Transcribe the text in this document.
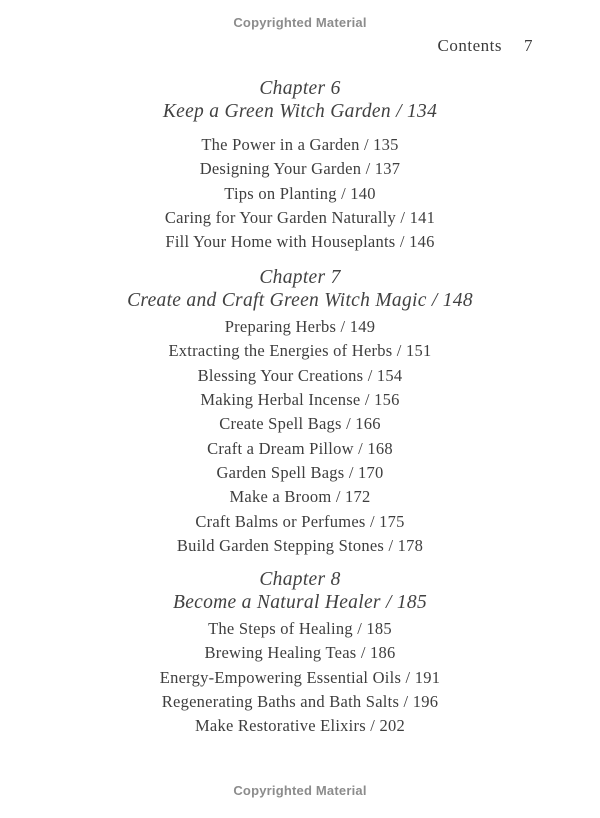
Copyrighted Material
Contents 7
Chapter 6
Keep a Green Witch Garden / 134
The Power in a Garden / 135
Designing Your Garden / 137
Tips on Planting / 140
Caring for Your Garden Naturally / 141
Fill Your Home with Houseplants / 146
Chapter 7
Create and Craft Green Witch Magic / 148
Preparing Herbs / 149
Extracting the Energies of Herbs / 151
Blessing Your Creations / 154
Making Herbal Incense / 156
Create Spell Bags / 166
Craft a Dream Pillow / 168
Garden Spell Bags / 170
Make a Broom / 172
Craft Balms or Perfumes / 175
Build Garden Stepping Stones / 178
Chapter 8
Become a Natural Healer / 185
The Steps of Healing / 185
Brewing Healing Teas / 186
Energy-Empowering Essential Oils / 191
Regenerating Baths and Bath Salts / 196
Make Restorative Elixirs / 202
Copyrighted Material
